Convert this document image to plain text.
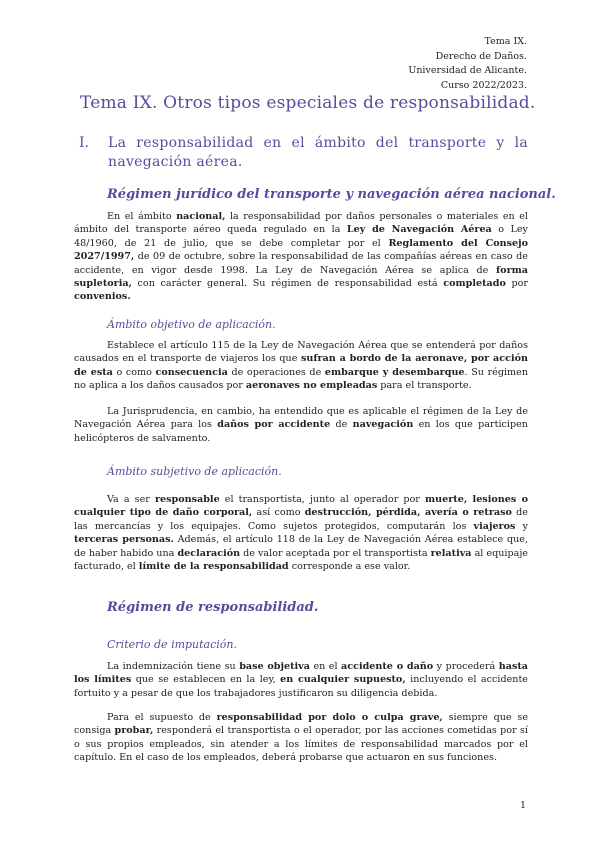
Tema IX.
Derecho de Daños.
Universidad de Alicante.
Curso 2022/2023.
Tema IX. Otros tipos especiales de responsabilidad.
I. La responsabilidad en el ámbito del transporte y la navegación aérea.
Régimen jurídico del transporte y navegación aérea nacional.
En el ámbito nacional, la responsabilidad por daños personales o materiales en el ámbito del transporte aéreo queda regulado en la Ley de Navegación Aérea o Ley 48/1960, de 21 de julio, que se debe completar por el Reglamento del Consejo 2027/1997, de 09 de octubre, sobre la responsabilidad de las compañías aéreas en caso de accidente, en vigor desde 1998. La Ley de Navegación Aérea se aplica de forma supletoria, con carácter general. Su régimen de responsabilidad está completado por convenios.
Ámbito objetivo de aplicación.
Establece el artículo 115 de la Ley de Navegación Aérea que se entenderá por daños causados en el transporte de viajeros los que sufran a bordo de la aeronave, por acción de esta o como consecuencia de operaciones de embarque y desembarque. Su régimen no aplica a los daños causados por aeronaves no empleadas para el transporte.
La Jurisprudencia, en cambio, ha entendido que es aplicable el régimen de la Ley de Navegación Aérea para los daños por accidente de navegación en los que participen helicópteros de salvamento.
Ámbito subjetivo de aplicación.
Va a ser responsable el transportista, junto al operador por muerte, lesiones o cualquier tipo de daño corporal, así como destrucción, pérdida, avería o retraso de las mercancías y los equipajes. Como sujetos protegidos, computarán los viajeros y terceras personas. Además, el artículo 118 de la Ley de Navegación Aérea establece que, de haber habido una declaración de valor aceptada por el transportista relativa al equipaje facturado, el límite de la responsabilidad corresponde a ese valor.
Régimen de responsabilidad.
Criterio de imputación.
La indemnización tiene su base objetiva en el accidente o daño y procederá hasta los límites que se establecen en la ley, en cualquier supuesto, incluyendo el accidente fortuito y a pesar de que los trabajadores justificaron su diligencia debida.
Para el supuesto de responsabilidad por dolo o culpa grave, siempre que se consiga probar, responderá el transportista o el operador, por las acciones cometidas por sí o sus propios empleados, sin atender a los límites de responsabilidad marcados por el capítulo. En el caso de los empleados, deberá probarse que actuaron en sus funciones.
1
